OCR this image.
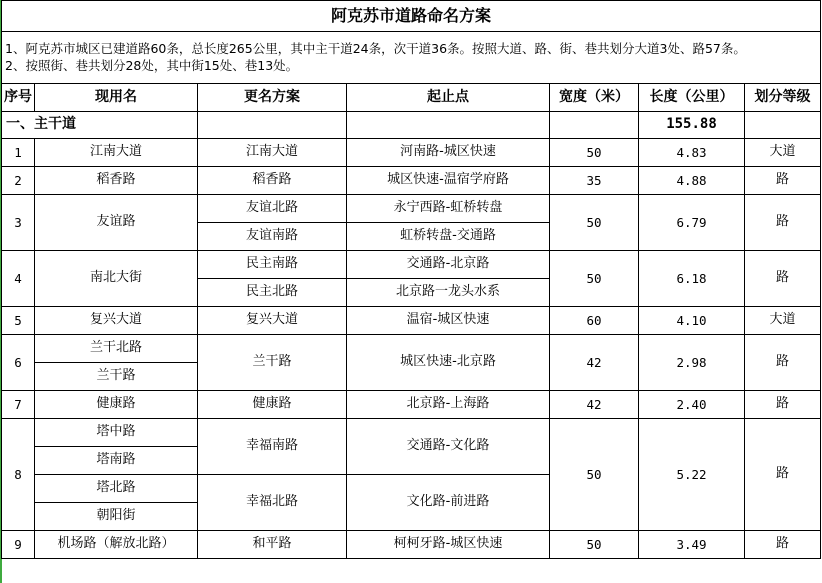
阿克苏市道路命名方案						

1、阿克苏市城区已建道路60条，总长度265公里，其中主干道24条，次干道36条。按照大道、路、街、巷共划分大道3处、路57条。
2、按照街、巷共划分28处，其中街15处、巷13处。						

序号	现用名	更名方案	起止点	宽度（米）	长度（公里）	划分等级
一、主干道					155.88	
1	江南大道	江南大道	河南路-城区快速	50	4.83	大道
2	稻香路	稻香路	城区快速-温宿学府路	35	4.88	路
3	友谊路	友谊北路	永宁西路-虹桥转盘	50	6.79	路
		友谊南路	虹桥转盘-交通路			
4	南北大街	民主南路	交通路-北京路	50	6.18	路
		民主北路	北京路一龙头水系			
5	复兴大道	复兴大道	温宿-城区快速	60	4.10	大道
6	兰干北路	兰干路	城区快速-北京路	42	2.98	路
	兰干路					
7	健康路	健康路	北京路-上海路	42	2.40	路
8	塔中路	幸福南路	交通路-文化路	50	5.22	路
	塔南路					
	塔北路	幸福北路	文化路-前进路			
	朝阳街					
9	机场路（解放北路）	和平路	柯柯牙路-城区快速	50	3.49	路
